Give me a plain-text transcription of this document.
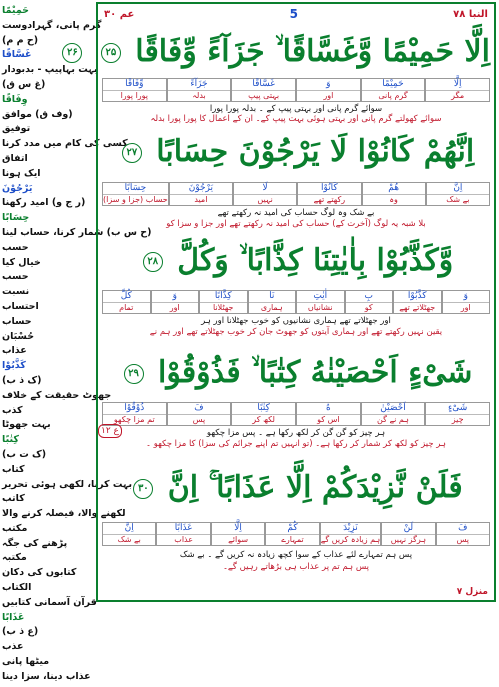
حَمِیْمًا
گرم پانی، گہرادوست
(ح م م)
غَسَّاقًا
بہت بہاپیپ - بدبودار
(غ س ق)
وِفَاقًا
(وف ق) موافق
توفیق
کسی کی کام میں مدد کرنا
اتفاق
ایک ہونا
يَرْجُوْنَ
(ر ج و) امید رکھنا
حِسَابًا
(ح س ب) شمار کرنا، حساب لینا
حسب
خیال کیا
حسب
نسبت
احتساب
حساب
حُسْبَان
عذاب
كَذَّبُوْا
(ک ذ ب)
جھوٹ حقیقت کے خلاف
کذب
بہت جھوٹا
كِتٰبًا
(ک ت ب)
کتاب
بہت کرنا، لکھی ہوئی تحریر
کاتب
لکھنے والا، فیصلہ کرنے والا
مکتب
پڑھنے کی جگہ
مکتبہ
کتابوں کی دکان
الکتاب
قرآن آسمانی کتابیں
عَذَابًا
(ع ذ ب)
عذب
میٹھا پانی
عذاب دینا، سزا دینا
عم ۳۰	5	النبا ۷۸
اِلَّا حَمِيْمًا وَّغَسَّاقًا ۙ جَزَآءً وِّفَاقًا ۲۵ ۲۶
اِلَّا
مگر
حَمِيْمًا
گرم پانی
وَ
اور
غَسَّاقًا
بہتی پیپ
جَزَآءً
بدلہ
وِّفَاقًا
پورا پورا
سوائے گرم پانی اور بہتی پیپ کے ۔ بدلہ پورا پورا
سوائے کھولتے گرم پانی اور بہتی ہوئی بہت پیپ کے۔ ان کے اعمال کا پورا پورا بدلہ
اِنَّهُمْ كَانُوْا لَا يَرْجُوْنَ حِسَابًا ۲۷
اِنَّ
بے شک
هُمْ
وہ
كَانُوْا
رکھتے تھے
لَا
نہیں
يَرْجُوْنَ
امید
حِسَابًا
حساب (جزا و سزا)
بے شک وہ لوگ حساب کی امید نہ رکھتے تھے
بلا شبہ یہ لوگ (آخرت کے) حساب کی امید نہ رکھتے تھے اور جزا و سزا کو
وَّكَذَّبُوْا بِاٰيٰتِنَا كِذَّابًا ۙ وَكُلَّ ۲۸
وَ
اور
كَذَّبُوْا
جھٹلاتے تھے
بِ
کو
اٰيٰتِ
نشانیاں
نَا
ہماری
كِذَّابًا
جھٹلانا
وَ
اور
كُلَّ
تمام
اور جھٹلاتے تھے ہماری نشانیوں کو خوب جھٹلانا اور ہر
یقین نہیں رکھتے تھے اور ہماری آیتوں کو جھوٹ جان کر خوب جھٹلاتے تھے اور ہم نے
شَیْءٍ اَحْصَیْنٰهُ كِتٰبًا ۙ فَذُوْقُوْا ۲۹
شَیْءٍ
چیز
اَحْصَیْنٰ
ہم نے گن
هُ
اس کو
كِتٰبًا
لکھ کر
فَ
پس
ذُوْقُوْا
تم مزا چکھو
ہر چیز کو گن گن کر لکھ رکھا ہے ۔ پس مزا چکھو
ہر چیز کو لکھ کر شمار کر رکھا ہے۔ (تو انہیں تم اپنے جرائم کی سزا) کا مزا چکھو ۔
فَلَنْ نَّزِيْدَكُمْ اِلَّا عَذَابًا ۚ اِنَّ ۳۰
فَ
پس
لَنْ
ہرگز نہیں
نَزِيْدَ
ہم زیادہ کریں گے
كُمْ
تمہارے
اِلَّا
سوائے
عَذَابًا
عذاب
اِنَّ
بے شک
پس ہم تمہارے لئے عذاب کے سوا کچھ زیادہ نہ کریں گے ۔ بے شک
پس ہم تم پر عذاب ہی بڑھاتے رہیں گے۔
ع ۱۲
منزل ۷
